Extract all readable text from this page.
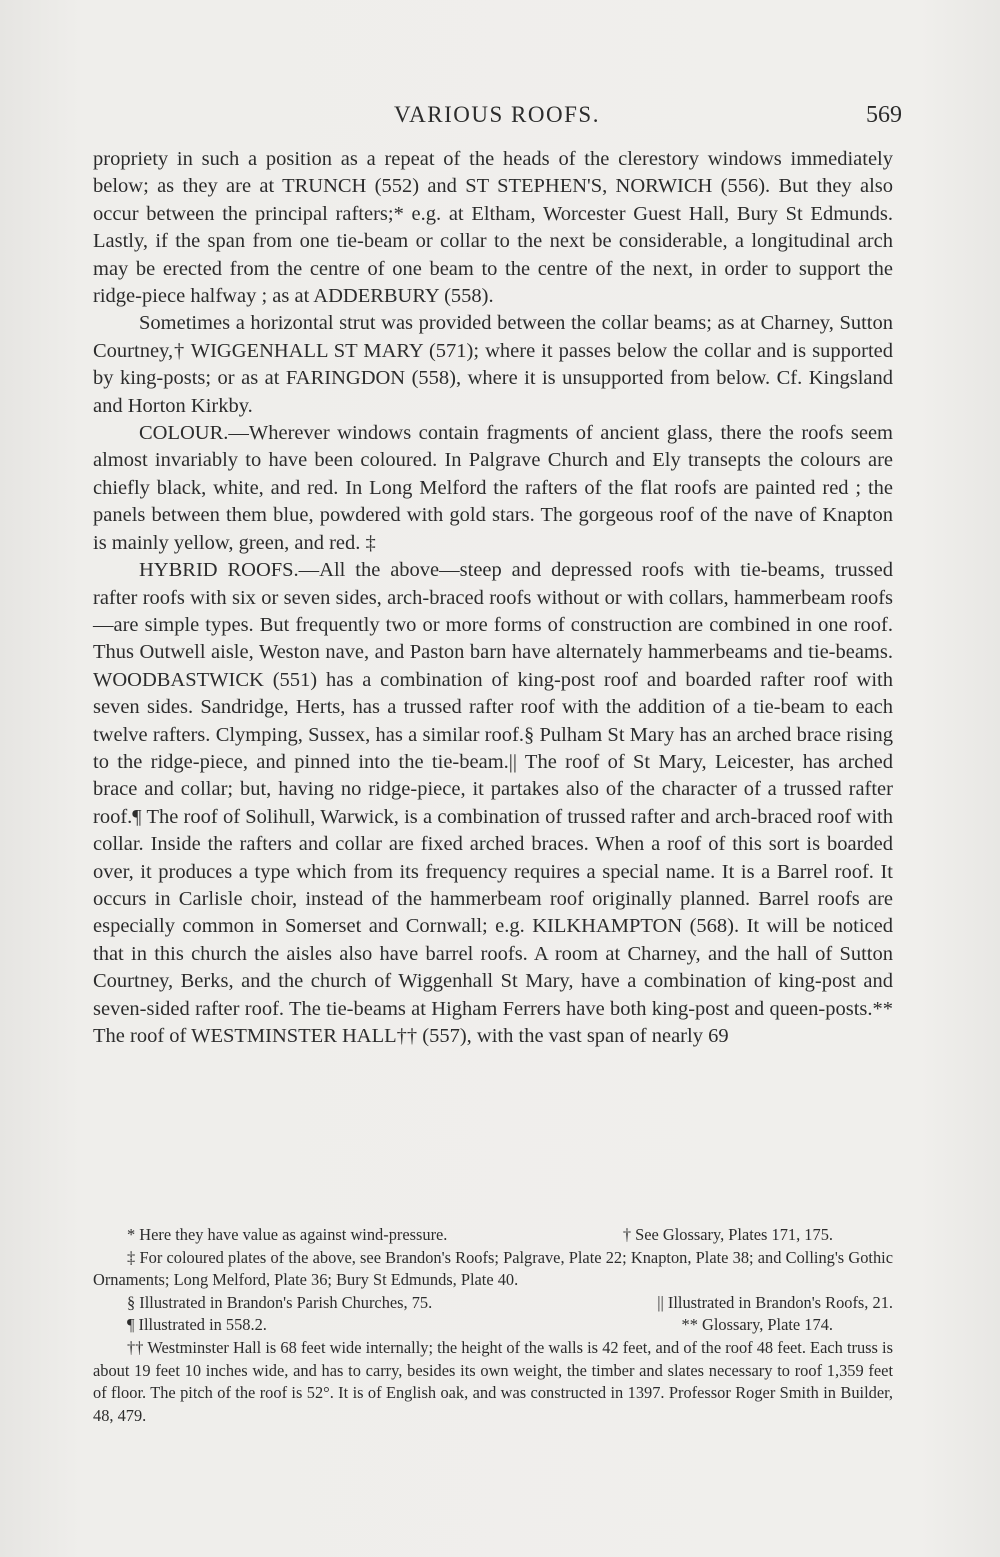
VARIOUS ROOFS.	569

propriety in such a position as a repeat of the heads of the clerestory windows immediately below; as they are at TRUNCH (552) and ST STEPHEN'S, NORWICH (556). But they also occur between the principal rafters;* e.g. at Eltham, Worcester Guest Hall, Bury St Edmunds. Lastly, if the span from one tie-beam or collar to the next be considerable, a longitudinal arch may be erected from the centre of one beam to the centre of the next, in order to support the ridge-piece halfway ; as at ADDERBURY (558).

Sometimes a horizontal strut was provided between the collar beams; as at Charney, Sutton Courtney,† WIGGENHALL ST MARY (571); where it passes below the collar and is supported by king-posts; or as at FARINGDON (558), where it is unsupported from below. Cf. Kingsland and Horton Kirkby.

COLOUR.—Wherever windows contain fragments of ancient glass, there the roofs seem almost invariably to have been coloured. In Palgrave Church and Ely transepts the colours are chiefly black, white, and red. In Long Melford the rafters of the flat roofs are painted red ; the panels between them blue, powdered with gold stars. The gorgeous roof of the nave of Knapton is mainly yellow, green, and red. ‡

HYBRID ROOFS.—All the above—steep and depressed roofs with tie-beams, trussed rafter roofs with six or seven sides, arch-braced roofs without or with collars, hammerbeam roofs—are simple types. But frequently two or more forms of construction are combined in one roof. Thus Outwell aisle, Weston nave, and Paston barn have alternately hammerbeams and tie-beams. WOODBASTWICK (551) has a combination of king-post roof and boarded rafter roof with seven sides. Sandridge, Herts, has a trussed rafter roof with the addition of a tie-beam to each twelve rafters. Clymping, Sussex, has a similar roof.§ Pulham St Mary has an arched brace rising to the ridge-piece, and pinned into the tie-beam.|| The roof of St Mary, Leicester, has arched brace and collar; but, having no ridge-piece, it partakes also of the character of a trussed rafter roof.¶ The roof of Solihull, Warwick, is a combination of trussed rafter and arch-braced roof with collar. Inside the rafters and collar are fixed arched braces. When a roof of this sort is boarded over, it produces a type which from its frequency requires a special name. It is a Barrel roof. It occurs in Carlisle choir, instead of the hammerbeam roof originally planned. Barrel roofs are especially common in Somerset and Cornwall; e.g. KILKHAMPTON (568). It will be noticed that in this church the aisles also have barrel roofs. A room at Charney, and the hall of Sutton Courtney, Berks, and the church of Wiggenhall St Mary, have a combination of king-post and seven-sided rafter roof. The tie-beams at Higham Ferrers have both king-post and queen-posts.** The roof of WESTMINSTER HALL†† (557), with the vast span of nearly 69

* Here they have value as against wind-pressure.	† See Glossary, Plates 171, 175.

‡ For coloured plates of the above, see Brandon's Roofs; Palgrave, Plate 22; Knapton, Plate 38; and Colling's Gothic Ornaments; Long Melford, Plate 36; Bury St Edmunds, Plate 40.

§ Illustrated in Brandon's Parish Churches, 75.	|| Illustrated in Brandon's Roofs, 21.
¶ Illustrated in 558.2.	** Glossary, Plate 174.

†† Westminster Hall is 68 feet wide internally; the height of the walls is 42 feet, and of the roof 48 feet. Each truss is about 19 feet 10 inches wide, and has to carry, besides its own weight, the timber and slates necessary to roof 1,359 feet of floor. The pitch of the roof is 52°. It is of English oak, and was constructed in 1397. Professor Roger Smith in Builder, 48, 479.
